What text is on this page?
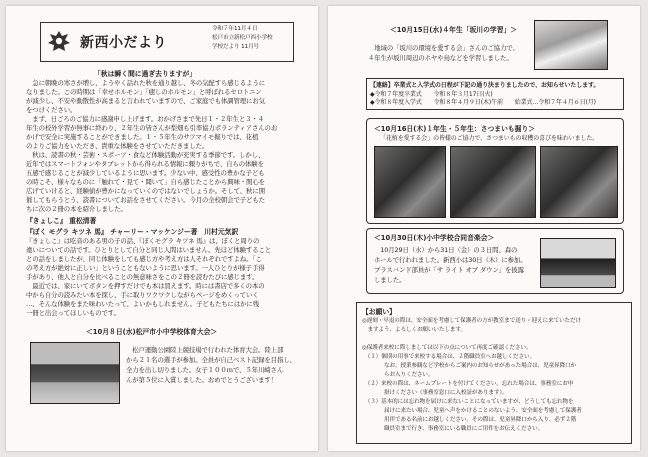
新西小だより
令和７年11月４日
松戸市立新松戸西小学校
学校だより 11月号
「秋は瞬く間に過ぎ去りますが」
　急に朝晩の寒さが増し、ようやく話れた秋を通り越し、冬の気配すら感じるように
なりました。この時期は「幸せホルモン」「癒しのホルモン」と呼ばれるセロトニン
が減少し、不安や動散性が高まると言われていますので、ご家庭でも体調管理にお気
をつけください。
　まず、日ごろのご協力に感謝申し上げます。おかげさまで先日１・２年生と３・４
年生の校外学習が無事に終わり、２年生の皆さんが梨畑も引率協力ボランティアさんのお
かげで安全に実施することができました。１・５年生のサツマイモ掘りでは、花植
のよりご協力をいただき、貴重な体験をさせていただきました。
　秋は、読書の秋・芸術・スポーツ・食など体験活動が充実する季節です。しかし、
近年ではスマートフォンやタブレットから得られる情報に頼りがちで、自らの体験を
五感で感じることが減少しているように思います。少ない中、感受性の豊かな子ども
の時こそ、様々なものに「触れて・見て・聞いて」自ら感じたことから興味・関心を
広げていけると、経験値が豊かになっていくのではないでしょうか。そして、秋に開
催してもらうとう、読書についてお話をさせてください。今月の全校朝会で子どもた
ちに次の２冊の本を紹介しました。
『きょしこ』 重松清著
『ぼく モグラ キツネ 馬』 チャーリー・マッケンジー著　川村元気訳
『きょしこ』は吃音のある男の子の話、『ぼくモグラ キツネ 馬』は、ぼくと周りの
違いについての話です。ひとりとして自分と同じ人間はいません。先ほど体験すること
との話をしましたが、同じ体験をしても感じ方や考え方は人それぞれですよね。「こ
の考え方が絶対に正しい」ということもないように思います。一人ひとりが様子手得
手があり、他人と自分を比べることの無意味さをこの２冊を読むたびに感じます。
　最近では、家にいてボタンを押すだけでも本は買えます。時には書店で多くの本の
中から自分の読みたい本を探し、手に取りワクワクしながらページをめくっていく
…、そんな体験をまた味わいたって、よいかもしれません。子どもたちにはかに残
一冊と出会ってほしいものです。
＜10月８日(水)松戸市小中学校体育大会＞
　松戸運動公園陸上競技場で行われた体育大会。陸上部
から２１名の選手が参加。全員が自己ベスト記録を目指し、
全力を出し切りました。女子１００ｍで、５年川崎さん
んが第５位に入賞しました。おめでとうございます！
＜10月15日(水)４年生「坂川の学習」＞
　地域の「坂川の環境を愛する会」さんのご協力で、
４年生が坂川周辺のホヤや鳥などを学習しました。
【連絡】卒業式と入学式の日程が下記の通り決まりましたので、お知らせいたします。
◆令和７年度卒業式　　令和８年３月17日(火)
◆令和８年度入学式　　令和８年４月９日(木)午前　　始業式…令和７年４月６日(月)
＜10月16日(木)１年生・５年生：さつまいも掘り＞
「花植を愛する会」の皆様のご協力で、さつまいもの収穫の喜びを味わいました。
＜10月30日(木)小中学校合同音楽会＞
　10月29日（水）から31日（金）の３日間、森の
ホールで行われました。新西小は30日（木）に参加。
ブラスバンド部員が「サ ライト オブ ダウン」を披露
しました。
【お願い】
◎遅刻・早退の際は、安全面を考慮して保護者の方が教室まで送り・迎えに来ていただけ
　ますよう、よろしくお願いいたします。
◎保護者来校に際しましては以下の点について再度ご確認ください。
　（１）個別の用事で来校する場合は、２階職員室へお越しください。
　　　　なお、授業参観など学校からご案内のお知らせがあった場合は、児童昇降口か
　　　　らお入りください。
　（２）来校の際は、ネームプレートを付けてください。忘れた場合は、事務室にお申
　　　　掛けください（事務室窓口に入校証があります）。
　（３）基本的には忘れ物を届けに来ないことになっていますが、どうしても忘れ物を
　　　　届けに来たい場合、児童へ声をかけることのないよう、安全面を考慮して保護者
　　　　用伴である名前にお越しください。その際は、児童昇降口から入り、必ず２階
　　　　職員室まで行き、事務室にいる職員にご用件をお伝えください。
